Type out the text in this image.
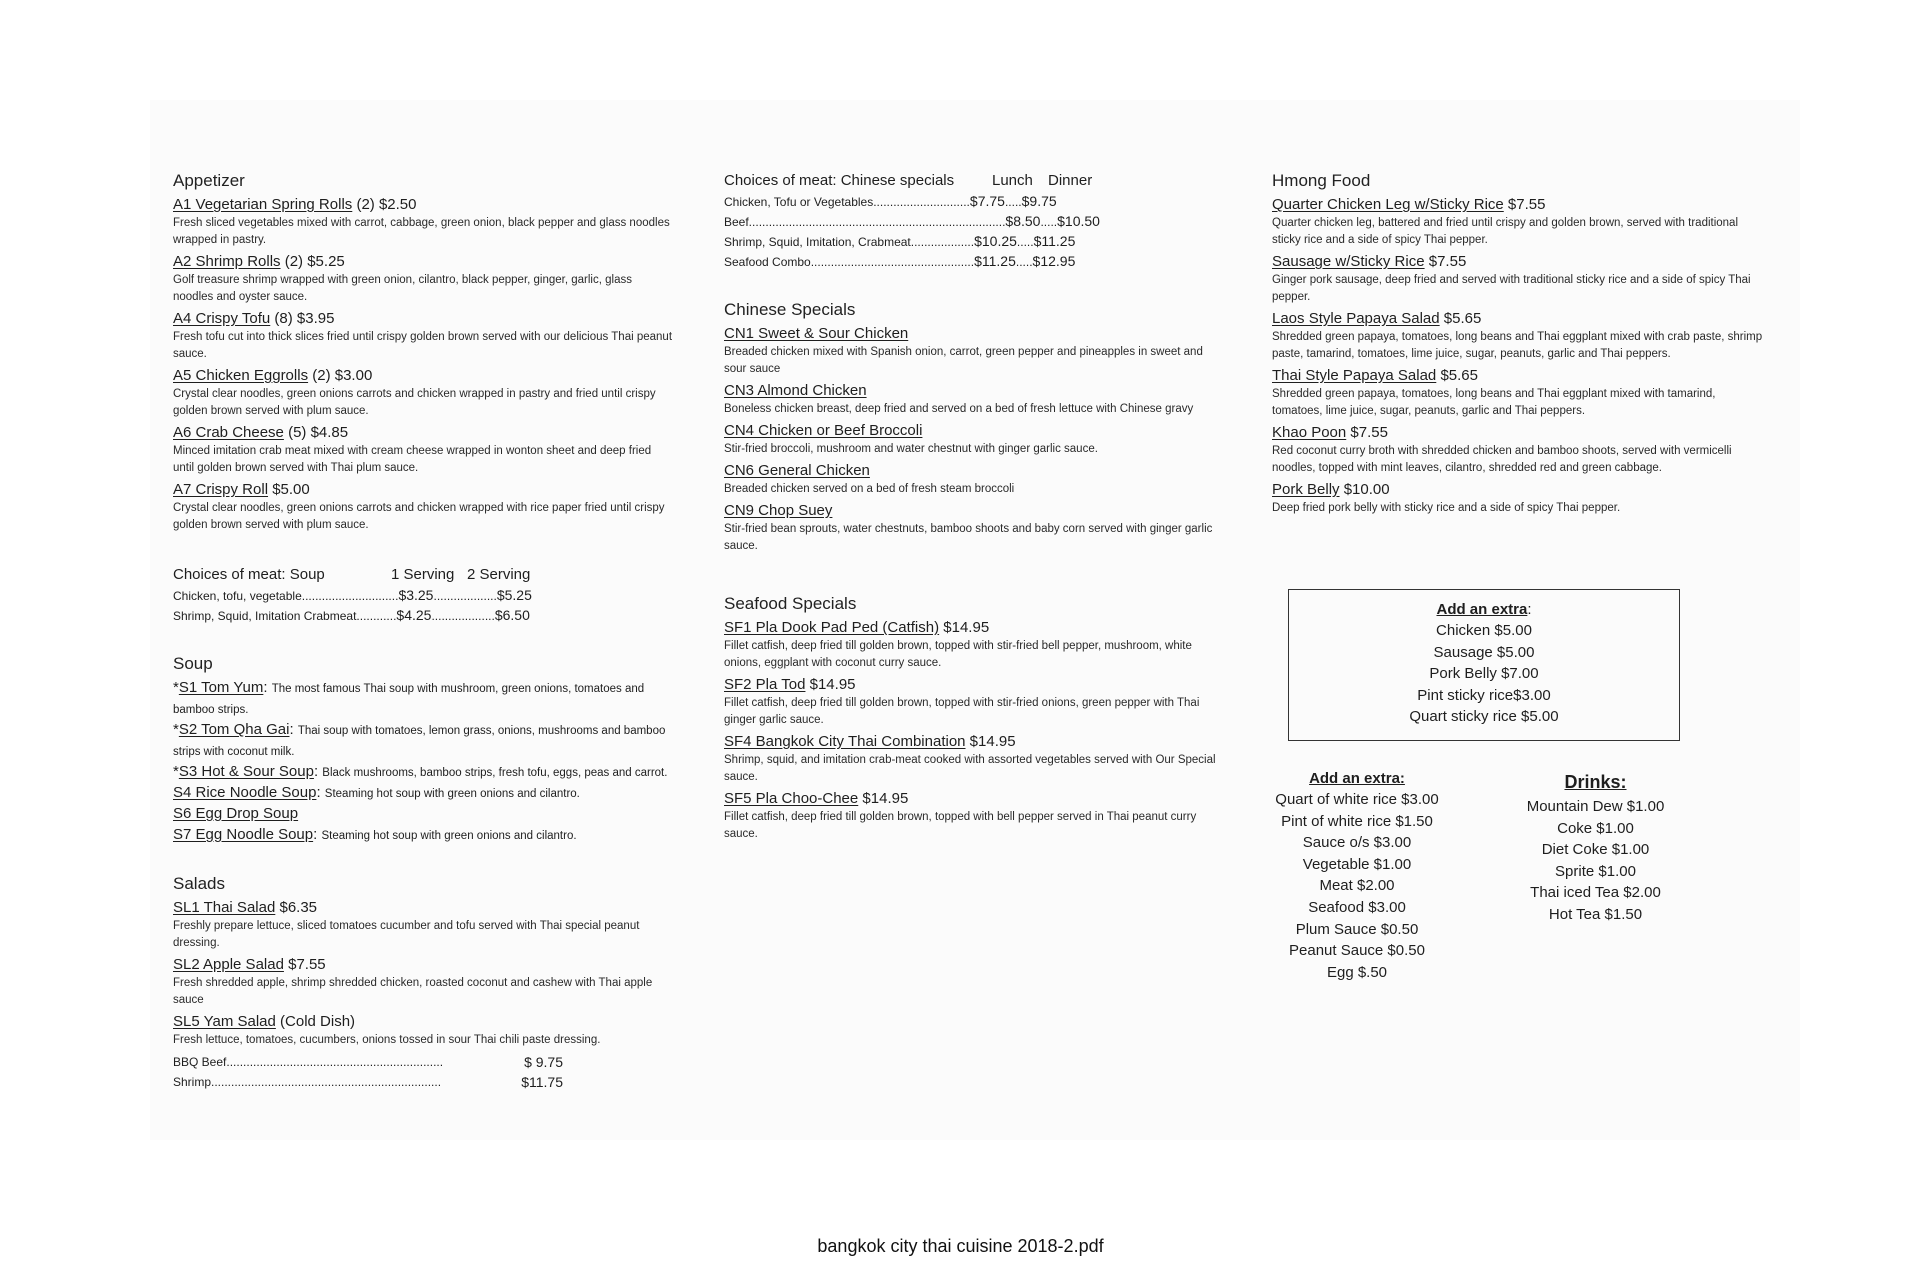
Appetizer
A1 Vegetarian Spring Rolls (2) $2.50
Fresh sliced vegetables mixed with carrot, cabbage, green onion, black pepper and glass noodles wrapped in pastry.
A2 Shrimp Rolls (2) $5.25
Golf treasure shrimp wrapped with green onion, cilantro, black pepper, ginger, garlic, glass noodles and oyster sauce.
A4 Crispy Tofu (8) $3.95
Fresh tofu cut into thick slices fried until crispy golden brown served with our delicious Thai peanut sauce.
A5 Chicken Eggrolls (2) $3.00
Crystal clear noodles, green onions carrots and chicken wrapped in pastry and fried until crispy golden brown served with plum sauce.
A6 Crab Cheese (5) $4.85
Minced imitation crab meat mixed with cream cheese wrapped in wonton sheet and deep fried until golden brown served with Thai plum sauce.
A7 Crispy Roll $5.00
Crystal clear noodles, green onions carrots and chicken wrapped with rice paper fried until crispy golden brown served with plum sauce.
Choices of meat: Soup	1 Serving 2 Serving
Chicken, tofu, vegetable.............................$3.25...................$5.25
Shrimp, Squid, Imitation Crabmeat............$4.25...................$6.50
Soup
*S1 Tom Yum: The most famous Thai soup with mushroom, green onions, tomatoes and bamboo strips.
*S2 Tom Qha Gai: Thai soup with tomatoes, lemon grass, onions, mushrooms and bamboo strips with coconut milk.
*S3 Hot & Sour Soup: Black mushrooms, bamboo strips, fresh tofu, eggs, peas and carrot.
S4 Rice Noodle Soup: Steaming hot soup with green onions and cilantro.
S6 Egg Drop Soup
S7 Egg Noodle Soup: Steaming hot soup with green onions and cilantro.
Salads
SL1 Thai Salad $6.35
Freshly prepare lettuce, sliced tomatoes cucumber and tofu served with Thai special peanut dressing.
SL2 Apple Salad $7.55
Fresh shredded apple, shrimp shredded chicken, roasted coconut and cashew with Thai apple sauce
SL5 Yam Salad (Cold Dish)
Fresh lettuce, tomatoes, cucumbers, onions tossed in sour Thai chili paste dressing.
BBQ Beef.................................................................	$ 9.75
Shrimp.....................................................................	$11.75
Choices of meat: Chinese specials	Lunch	Dinner
Chicken, Tofu or Vegetables.............................$7.75.....$9.75
Beef.............................................................................$8.50.....$10.50
Shrimp, Squid, Imitation, Crabmeat...................$10.25.....$11.25
Seafood Combo.................................................$11.25.....$12.95
Chinese Specials
CN1 Sweet & Sour Chicken
Breaded chicken mixed with Spanish onion, carrot, green pepper and pineapples in sweet and sour sauce
CN3 Almond Chicken
Boneless chicken breast, deep fried and served on a bed of fresh lettuce with Chinese gravy
CN4 Chicken or Beef Broccoli
Stir-fried broccoli, mushroom and water chestnut with ginger garlic sauce.
CN6 General Chicken
Breaded chicken served on a bed of fresh steam broccoli
CN9 Chop Suey
Stir-fried bean sprouts, water chestnuts, bamboo shoots and baby corn served with ginger garlic sauce.
Seafood Specials
SF1 Pla Dook Pad Ped (Catfish) $14.95
Fillet catfish, deep fried till golden brown, topped with stir-fried bell pepper, mushroom, white onions, eggplant with coconut curry sauce.
SF2 Pla Tod $14.95
Fillet catfish, deep fried till golden brown, topped with stir-fried onions, green pepper with Thai ginger garlic sauce.
SF4 Bangkok City Thai Combination $14.95
Shrimp, squid, and imitation crab-meat cooked with assorted vegetables served with Our Special sauce.
SF5 Pla Choo-Chee $14.95
Fillet catfish, deep fried till golden brown, topped with bell pepper served in Thai peanut curry sauce.
Hmong Food
Quarter Chicken Leg w/Sticky Rice $7.55
Quarter chicken leg, battered and fried until crispy and golden brown, served with traditional sticky rice and a side of spicy Thai pepper.
Sausage w/Sticky Rice $7.55
Ginger pork sausage, deep fried and served with traditional sticky rice and a side of spicy Thai pepper.
Laos Style Papaya Salad $5.65
Shredded green papaya, tomatoes, long beans and Thai eggplant mixed with crab paste, shrimp paste, tamarind, tomatoes, lime juice, sugar, peanuts, garlic and Thai peppers.
Thai Style Papaya Salad $5.65
Shredded green papaya, tomatoes, long beans and Thai eggplant mixed with tamarind, tomatoes, lime juice, sugar, peanuts, garlic and Thai peppers.
Khao Poon $7.55
Red coconut curry broth with shredded chicken and bamboo shoots, served with vermicelli noodles, topped with mint leaves, cilantro, shredded red and green cabbage.
Pork Belly $10.00
Deep fried pork belly with sticky rice and a side of spicy Thai pepper.
Add an extra:
Chicken $5.00
Sausage $5.00
Pork Belly $7.00
Pint sticky rice$3.00
Quart sticky rice $5.00
Add an extra:
Quart of white rice $3.00
Pint of white rice $1.50
Sauce o/s $3.00
Vegetable $1.00
Meat $2.00
Seafood $3.00
Plum Sauce $0.50
Peanut Sauce $0.50
Egg $.50
Drinks:
Mountain Dew $1.00
Coke $1.00
Diet Coke $1.00
Sprite $1.00
Thai iced Tea $2.00
Hot Tea $1.50
bangkok city thai cuisine 2018-2.pdf
